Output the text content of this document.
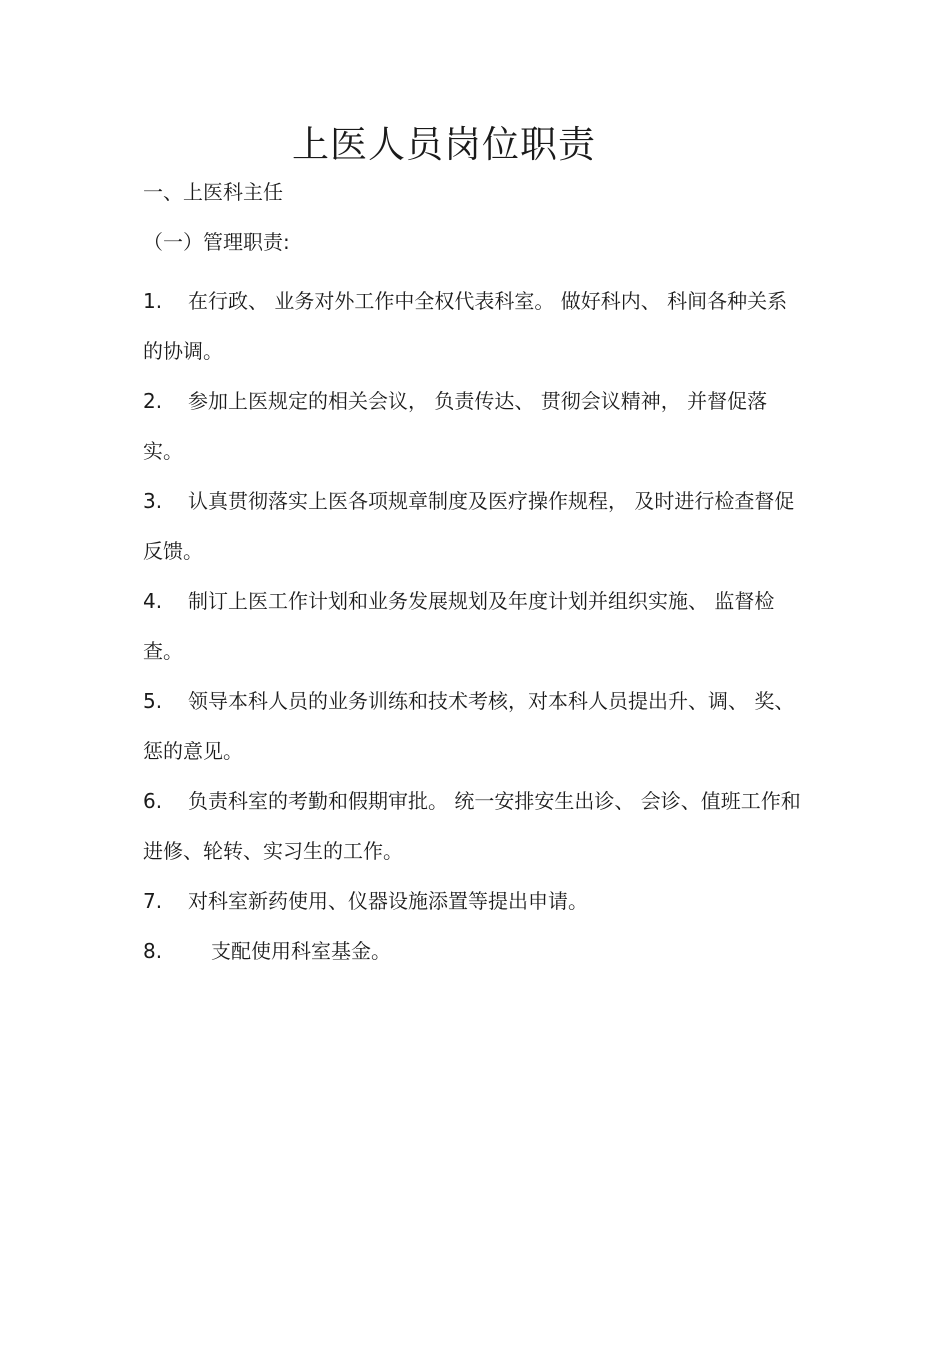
上医人员岗位职责
一、上医科主任
（一）管理职责:
1. 在行政、 业务对外工作中全权代表科室。 做好科内、 科间各种关系的协调。
2. 参加上医规定的相关会议， 负责传达、 贯彻会议精神， 并督促落实。
3. 认真贯彻落实上医各项规章制度及医疗操作规程， 及时进行检查督促反馈。
4. 制订上医工作计划和业务发展规划及年度计划并组织实施、 监督检查。
5. 领导本科人员的业务训练和技术考核，对本科人员提出升、调、 奖、惩的意见。
6. 负责科室的考勤和假期审批。 统一安排安生出诊、 会诊、值班工作和进修、轮转、实习生的工作。
7. 对科室新药使用、仪器设施添置等提出申请。
8. 支配使用科室基金。
